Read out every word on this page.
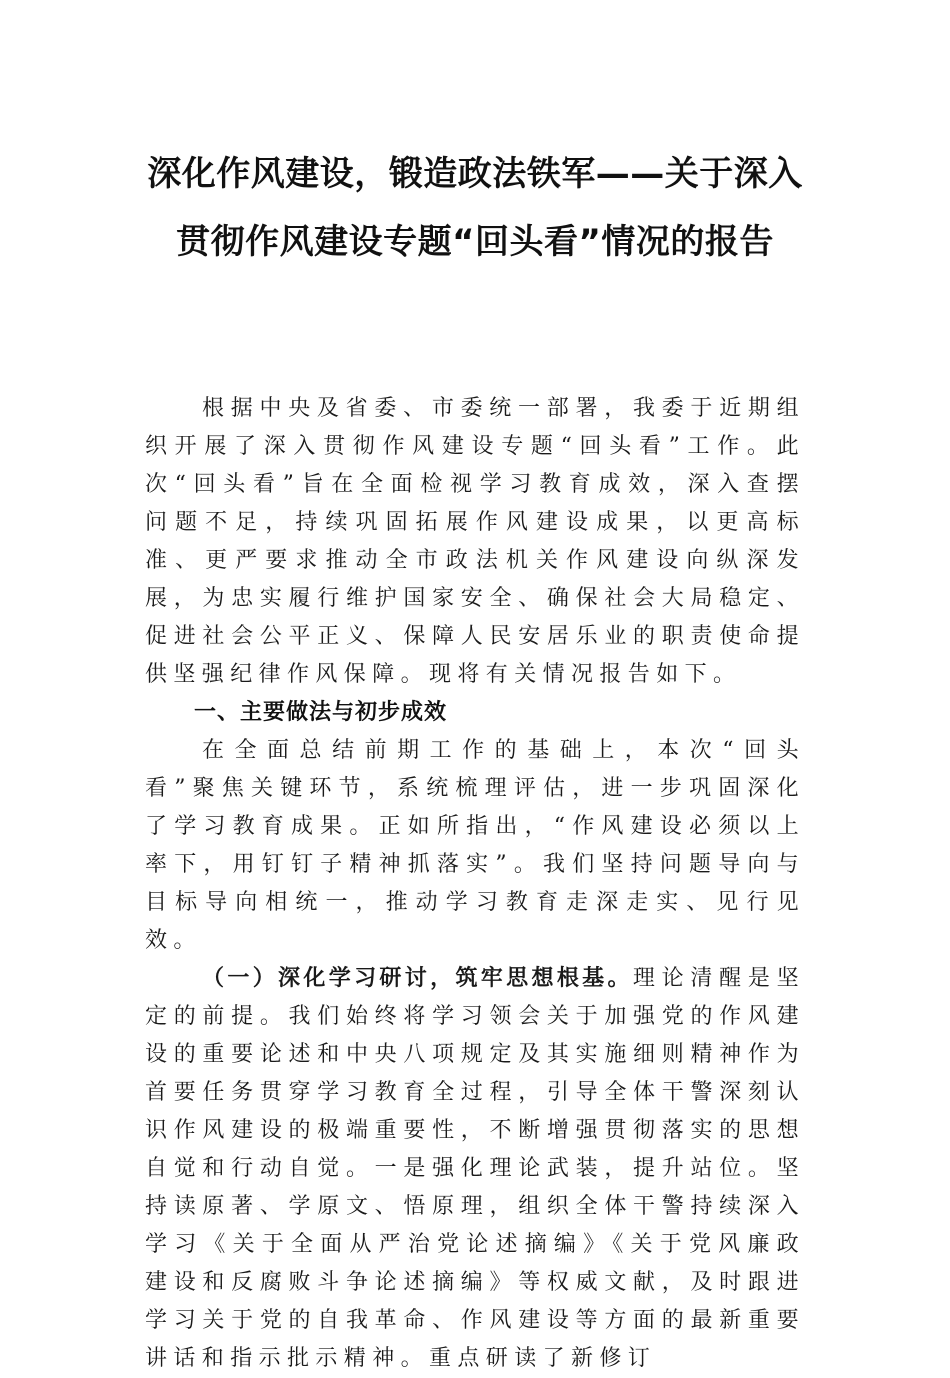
深化作风建设，锻造政法铁军——关于深入贯彻作风建设专题“回头看”情况的报告

根据中央及省委、市委统一部署，我委于近期组织开展了深入贯彻作风建设专题“回头看”工作。此次“回头看”旨在全面检视学习教育成效，深入查摆问题不足，持续巩固拓展作风建设成果，以更高标准、更严要求推动全市政法机关作风建设向纵深发展，为忠实履行维护国家安全、确保社会大局稳定、促进社会公平正义、保障人民安居乐业的职责使命提供坚强纪律作风保障。现将有关情况报告如下。

一、主要做法与初步成效

在全面总结前期工作的基础上，本次“回头看”聚焦关键环节，系统梳理评估，进一步巩固深化了学习教育成果。正如所指出，“作风建设必须以上率下，用钉钉子精神抓落实”。我们坚持问题导向与目标导向相统一，推动学习教育走深走实、见行见效。

（一）深化学习研讨，筑牢思想根基。理论清醒是坚定的前提。我们始终将学习领会关于加强党的作风建设的重要论述和中央八项规定及其实施细则精神作为首要任务贯穿学习教育全过程，引导全体干警深刻认识作风建设的极端重要性，不断增强贯彻落实的思想自觉和行动自觉。一是强化理论武装，提升站位。坚持读原著、学原文、悟原理，组织全体干警持续深入学习《关于全面从严治党论述摘编》《关于党风廉政建设和反腐败斗争论述摘编》等权威文献，及时跟进学习关于党的自我革命、作风建设等方面的最新重要讲话和指示批示精神。重点研读了新修订
